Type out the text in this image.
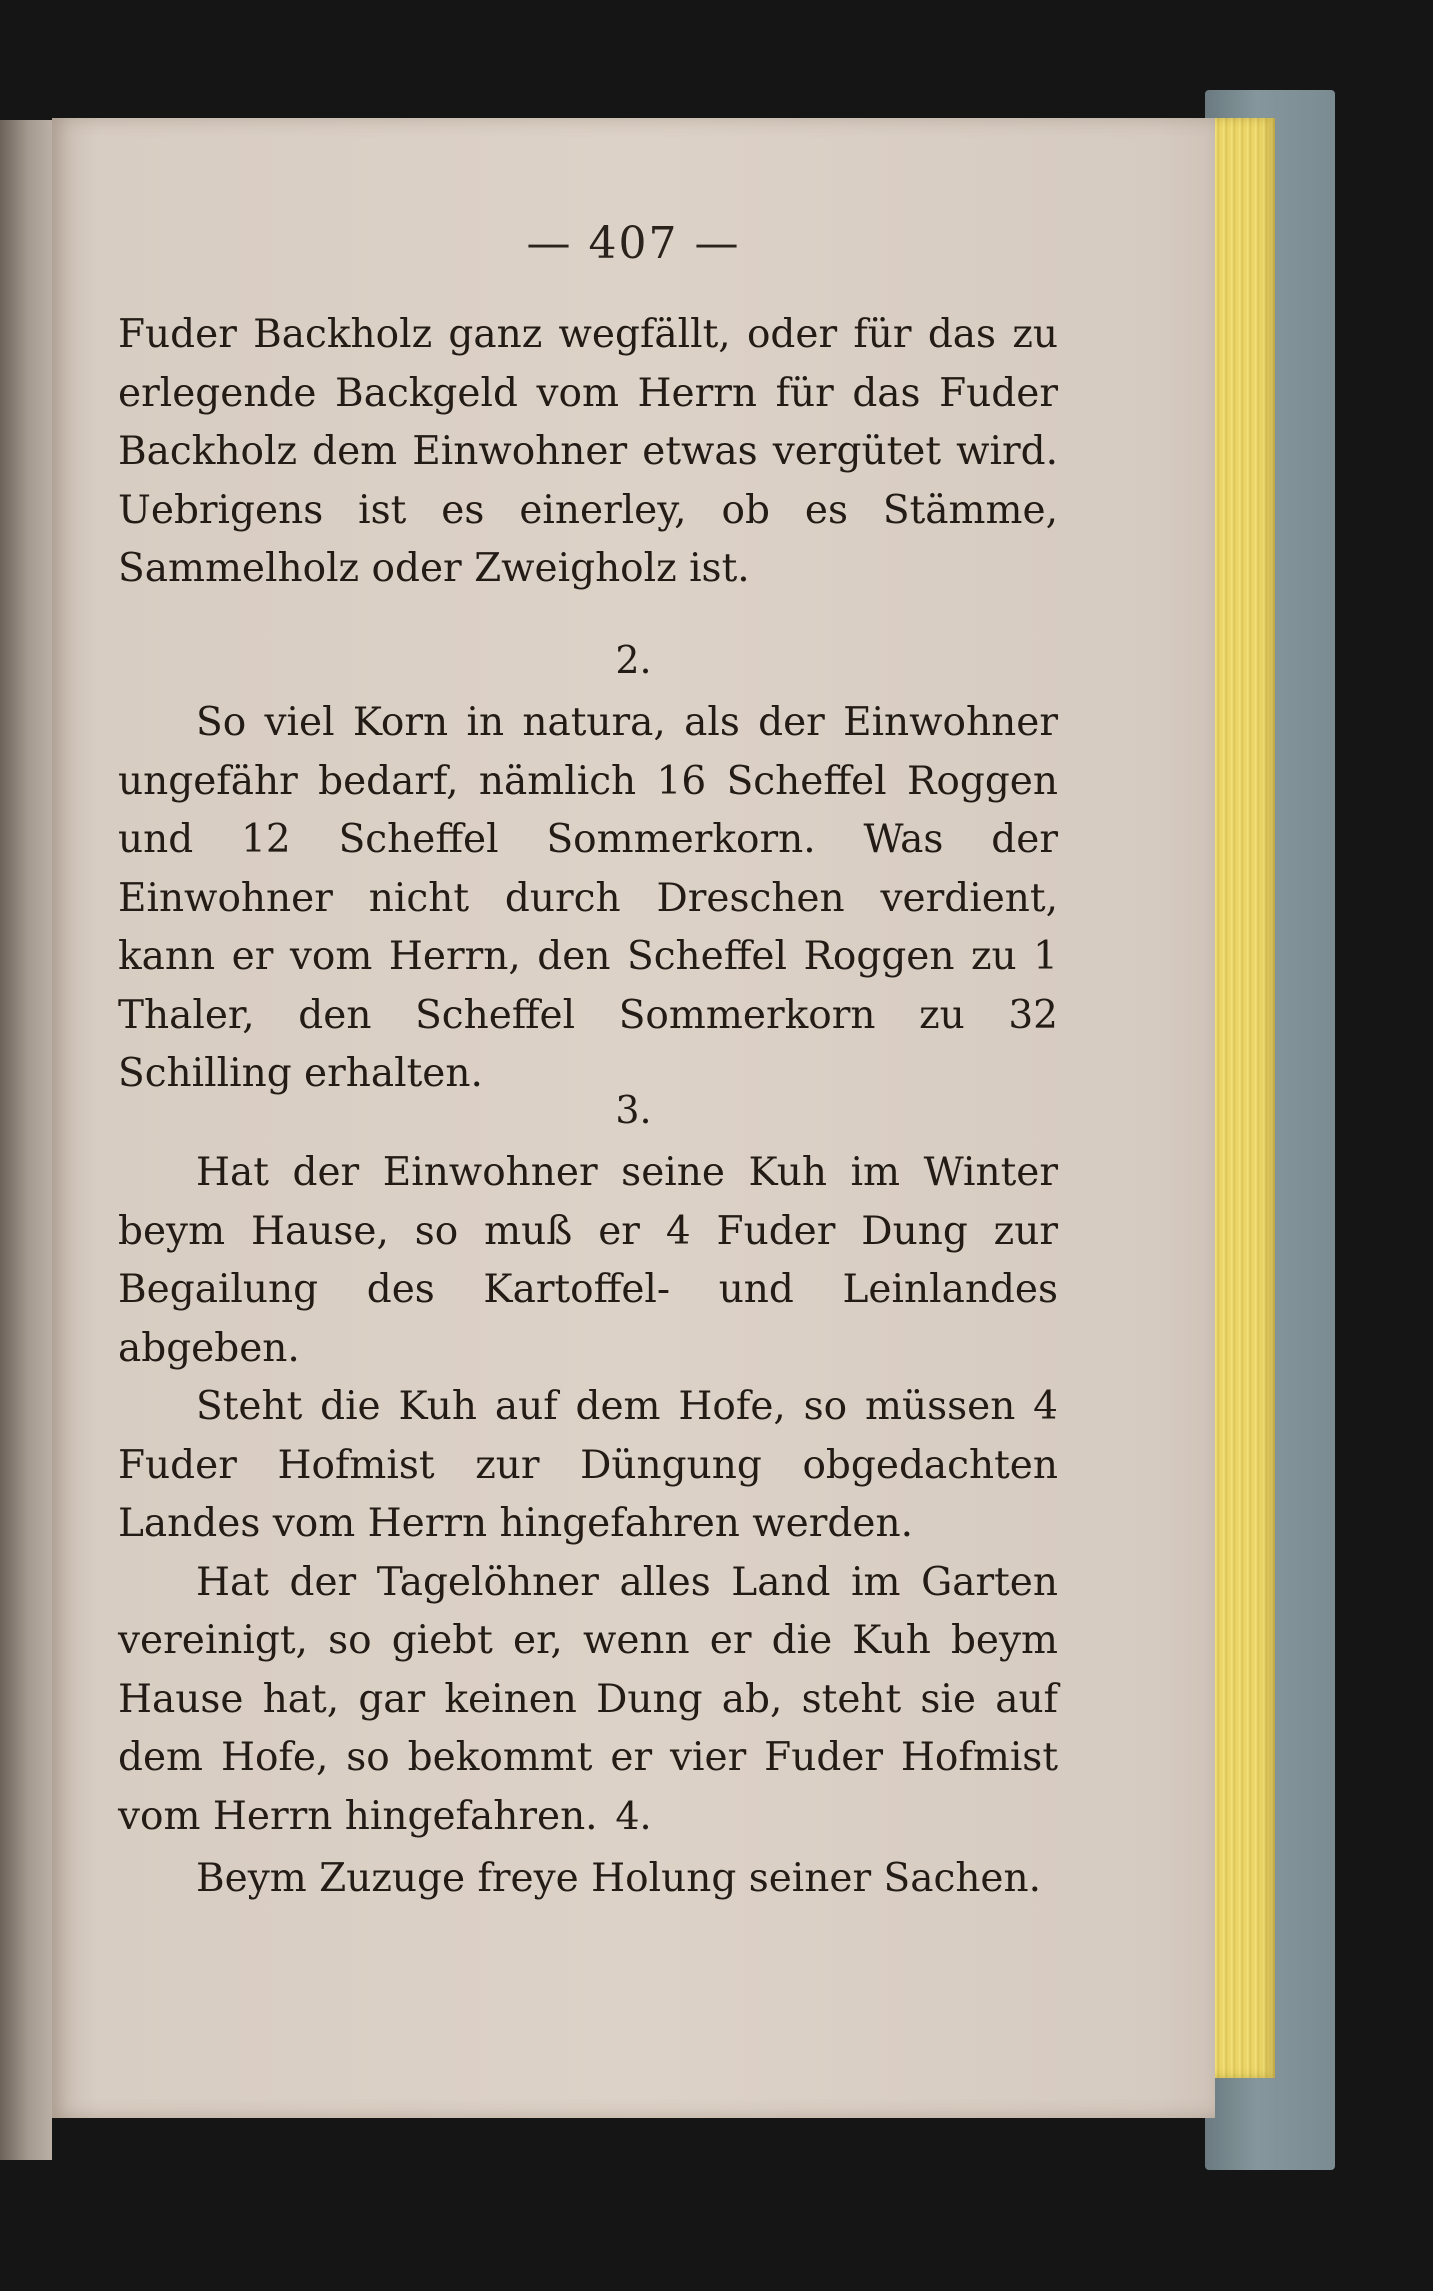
— 407 —

Fuder Backholz ganz wegfällt, oder für das zu erlegende Backgeld vom Herrn für das Fuder Backholz dem Einwohner etwas vergütet wird. Uebrigens ist es einerley, ob es Stämme, Sammelholz oder Zweigholz ist.

2.

So viel Korn in natura, als der Einwohner ungefähr bedarf, nämlich 16 Scheffel Roggen und 12 Scheffel Sommerkorn. Was der Einwohner nicht durch Dreschen verdient, kann er vom Herrn, den Scheffel Roggen zu 1 Thaler, den Scheffel Sommerkorn zu 32 Schilling erhalten.

3.

Hat der Einwohner seine Kuh im Winter beym Hause, so muß er 4 Fuder Dung zur Begailung des Kartoffel- und Leinlandes abgeben.

Steht die Kuh auf dem Hofe, so müssen 4 Fuder Hofmist zur Düngung obgedachten Landes vom Herrn hingefahren werden.

Hat der Tagelöhner alles Land im Garten vereinigt, so giebt er, wenn er die Kuh beym Hause hat, gar keinen Dung ab, steht sie auf dem Hofe, so bekommt er vier Fuder Hofmist vom Herrn hingefahren. 4.

Beym Zuzuge freye Holung seiner Sachen.
